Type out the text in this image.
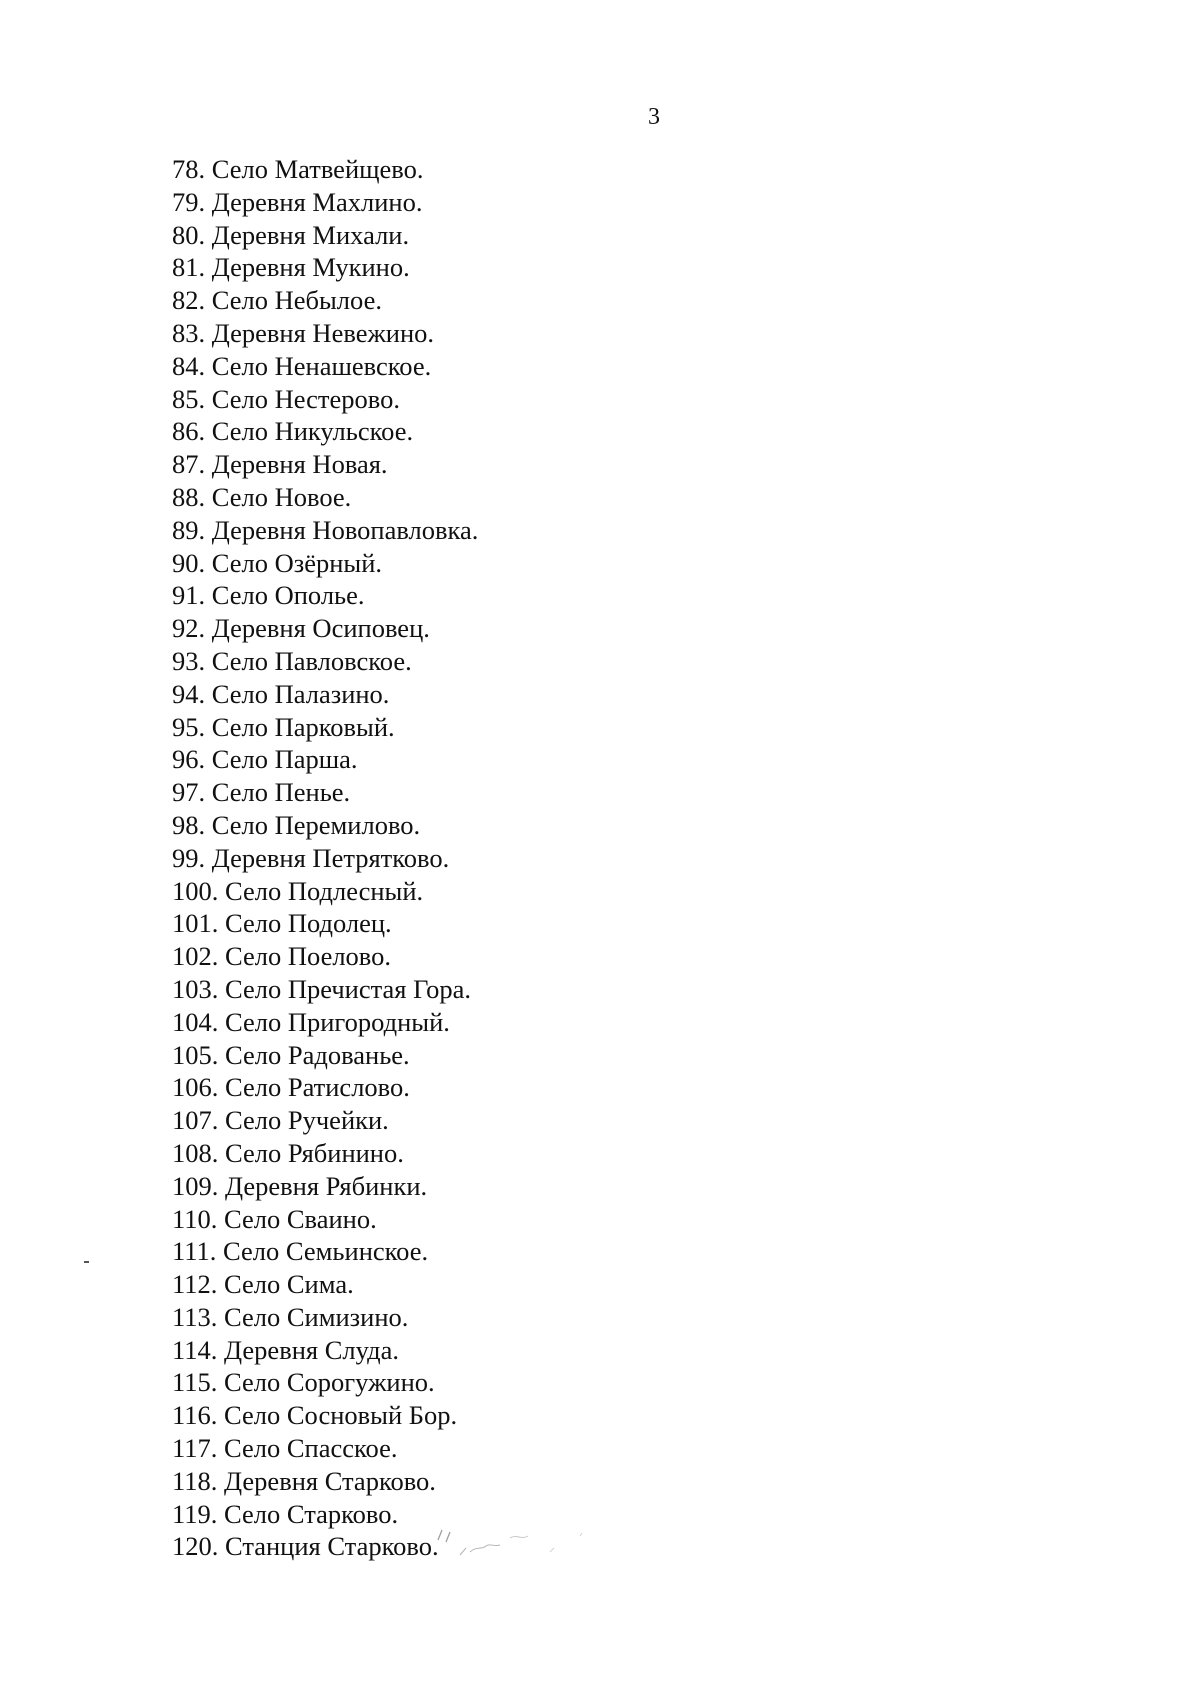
3
78. Село Матвейщево.
79. Деревня Махлино.
80. Деревня Михали.
81. Деревня Мукино.
82. Село Небылое.
83. Деревня Невежино.
84. Село Ненашевское.
85. Село Нестерово.
86. Село Никульское.
87. Деревня Новая.
88. Село Новое.
89. Деревня Новопавловка.
90. Село Озёрный.
91. Село Ополье.
92. Деревня Осиповец.
93. Село Павловское.
94. Село Палазино.
95. Село Парковый.
96. Село Парша.
97. Село Пенье.
98. Село Перемилово.
99. Деревня Петрятково.
100. Село Подлесный.
101. Село Подолец.
102. Село Поелово.
103. Село Пречистая Гора.
104. Село Пригородный.
105. Село Радованье.
106. Село Ратислово.
107. Село Ручейки.
108. Село Рябинино.
109. Деревня Рябинки.
110. Село Сваино.
111. Село Семьинское.
112. Село Сима.
113. Село Симизино.
114. Деревня Слуда.
115. Село Сорогужино.
116. Село Сосновый Бор.
117. Село Спасское.
118. Деревня Старково.
119. Село Старково.
120. Станция Старково.
